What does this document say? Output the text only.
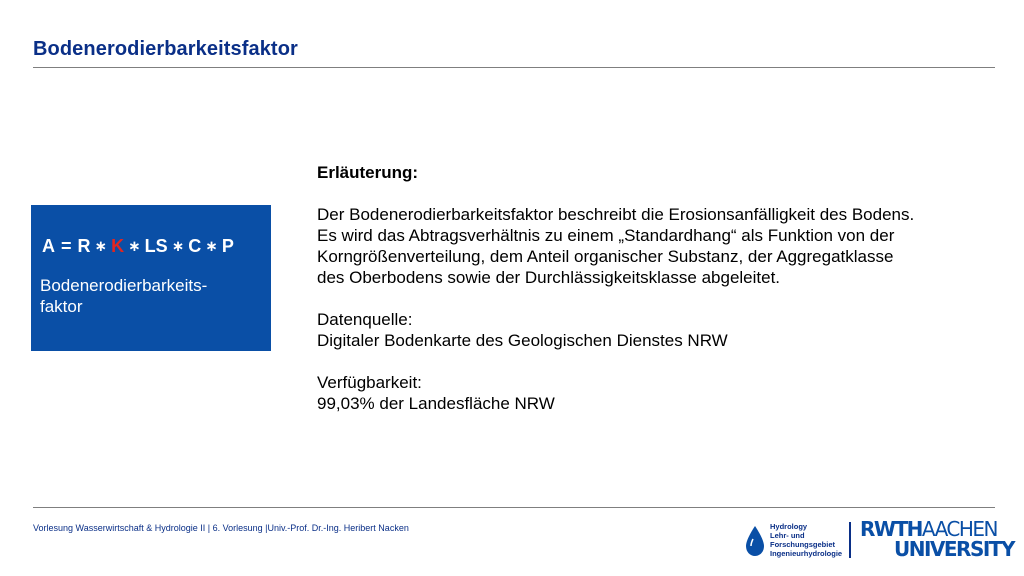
Bodenerodierbarkeitsfaktor
A = R ∗ K ∗ LS ∗ C ∗ P
Bodenerodierbarkeits-
faktor

Erläuterung:

Der Bodenerodierbarkeitsfaktor beschreibt die Erosionsanfälligkeit des Bodens.

Es wird das Abtragsverhältnis zu einem „Standardhang“ als Funktion von der

Korngrößenverteilung, dem Anteil organischer Substanz, der Aggregatklasse

des Oberbodens sowie der Durchlässigkeitsklasse abgeleitet.

Datenquelle:

Digitaler Bodenkarte des Geologischen Dienstes NRW

Verfügbarkeit:

99,03% der Landesfläche NRW

Vorlesung Wasserwirtschaft & Hydrologie II | 6. Vorlesung |Univ.-Prof. Dr.-Ing. Heribert Nacken	Hydrology
Lehr- und
Forschungsgebiet
Ingenieurhydrologie
RWTHAACHEN
UNIVERSITY
